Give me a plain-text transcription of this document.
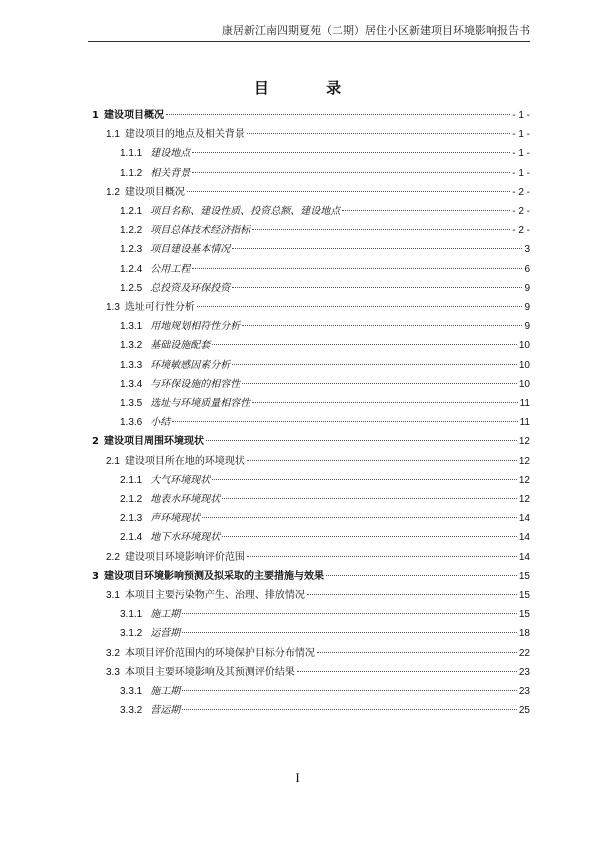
康居新江南四期夏苑（二期）居住小区新建项目环境影响报告书
目 录
1 建设项目概况	- 1 -
1.1 建设项目的地点及相关背景	- 1 -
1.1.1 建设地点	- 1 -
1.1.2 相关背景	- 1 -
1.2 建设项目概况	- 2 -
1.2.1 项目名称、建设性质、投资总额、建设地点	- 2 -
1.2.2 项目总体技术经济指标	- 2 -
1.2.3 项目建设基本情况	3
1.2.4 公用工程	6
1.2.5 总投资及环保投资	9
1.3 选址可行性分析	9
1.3.1 用地规划相符性分析	9
1.3.2 基础设施配套	10
1.3.3 环境敏感因素分析	10
1.3.4 与环保设施的相容性	10
1.3.5 选址与环境质量相容性	11
1.3.6 小结	11
2 建设项目周围环境现状	12
2.1 建设项目所在地的环境现状	12
2.1.1 大气环境现状	12
2.1.2 地表水环境现状	12
2.1.3 声环境现状	14
2.1.4 地下水环境现状	14
2.2 建设项目环境影响评价范围	14
3 建设项目环境影响预测及拟采取的主要措施与效果	15
3.1 本项目主要污染物产生、治理、排放情况	15
3.1.1 施工期	15
3.1.2 运营期	18
3.2 本项目评价范围内的环境保护目标分布情况	22
3.3 本项目主要环境影响及其预测评价结果	23
3.3.1 施工期	23
3.3.2 营运期	25
I
